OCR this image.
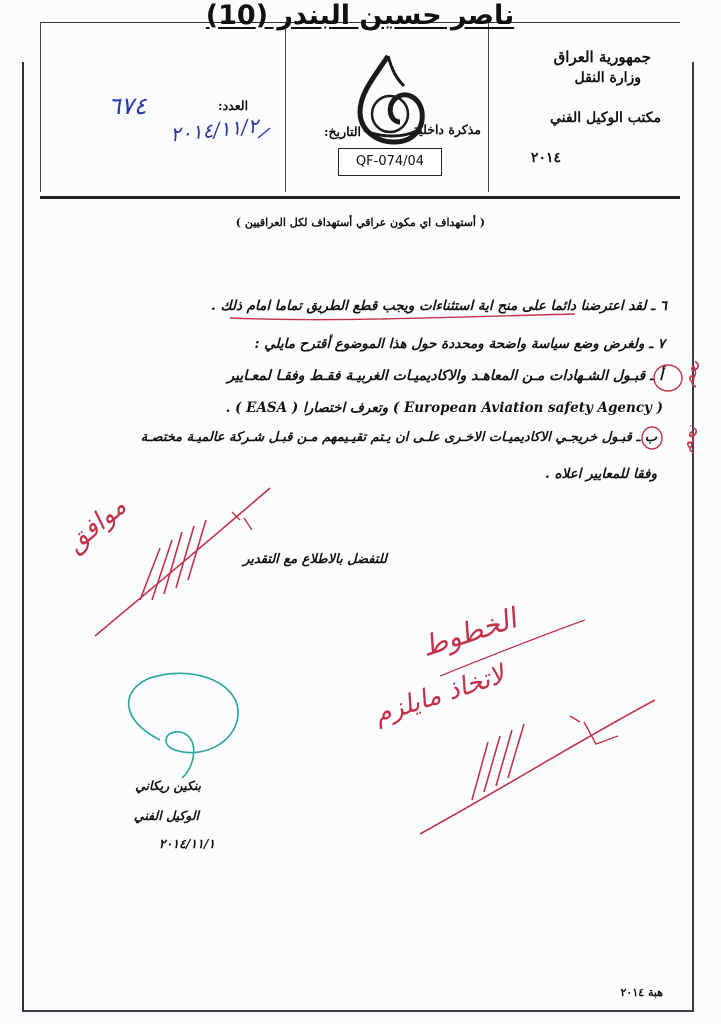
ناصر حسين البندر (10)
جمهورية العراق
وزارة النقل
مكتب الوكيل الفني
٢٠١٤
مذكرة داخلية
QF-074/04
التاريخ:
٢٠١٤/١١/٢
العدد:
٦٧٤
( أستهداف اي مكون عراقي أستهداف لكل العراقيين )
٦ ـ لقد اعترضنا دائما على منح اية استثناءات ويجب قطع الطريق تماما امام ذلك .
٧ ـ ولغرض وضع سياسة واضحة ومحددة حول هذا الموضوع أقترح مايلي :
أ ـ قبـول الشـهادات مـن المعاهـد والاكاديميـات الغربيـة فقـط وفقـا لمعـايير
( European Aviation safety Agency ) وتعرف اختصارا ( EASA ) .
ب ـ قبـول خريجـي الاكاديميـات الاخـرى علـى ان يـتم تقيـيمهم مـن قبـل شـركة عالميـة مختصـة
وفقا للمعايير اعلاه .
للتفضل بالاطلاع مع التقدير
بنكين ريكاني
الوكيل الفني
٢٠١٤/١١/١
هبة ٢٠١٤
نعم
نعم
موافق
الخطوط
لاتخاذ مايلزم
